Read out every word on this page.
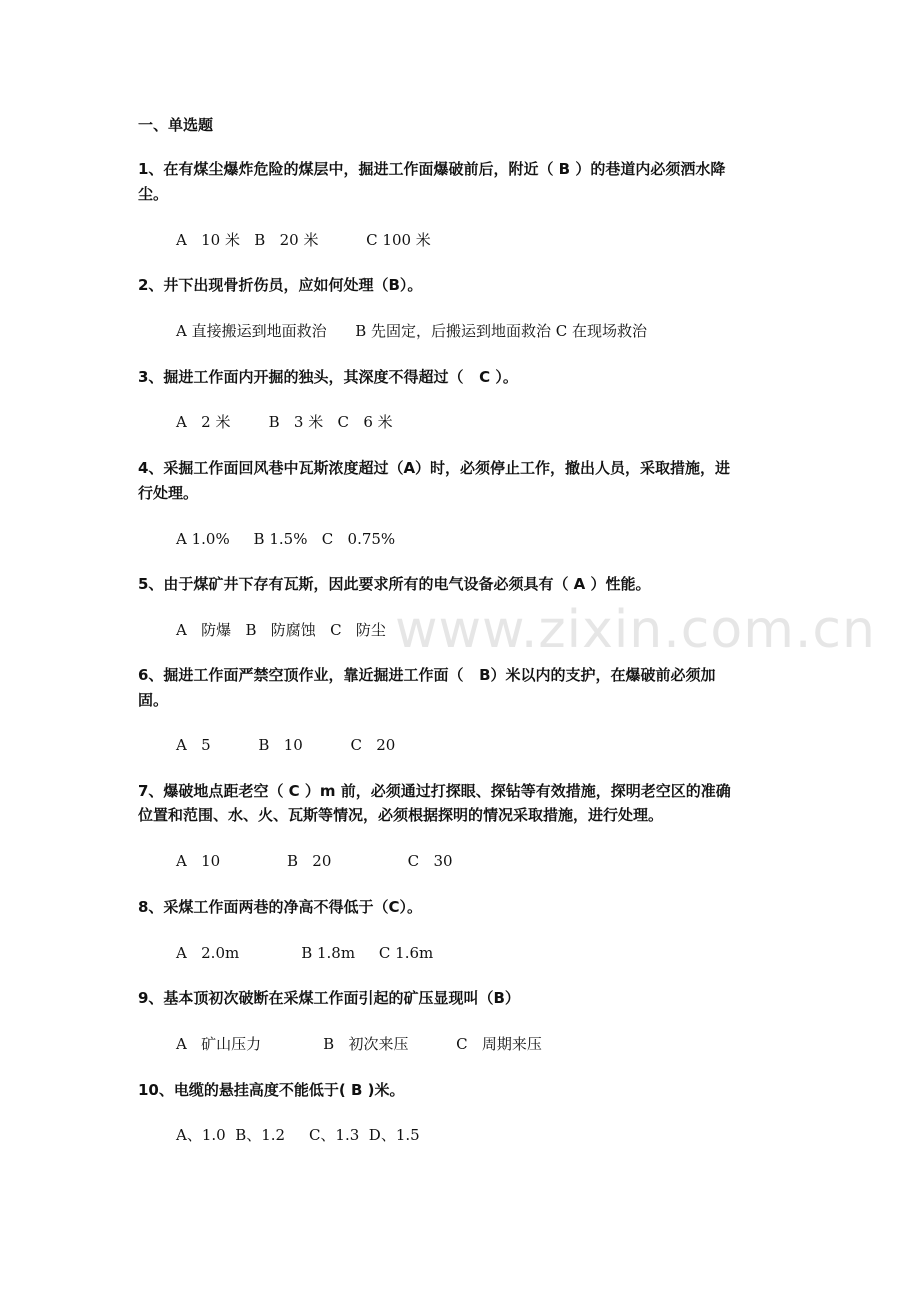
www.zixin.com.cn
一、单选题
1、在有煤尘爆炸危险的煤层中，掘进工作面爆破前后，附近（ B ）的巷道内必须洒水降
尘。
A   10 米   B   20 米          C 100 米
2、井下出现骨折伤员，应如何处理（B）。
A 直接搬运到地面救治      B 先固定，后搬运到地面救治 C 在现场救治
3、掘进工作面内开掘的独头，其深度不得超过（   C ）。
A   2 米        B   3 米   C   6 米
4、采掘工作面回风巷中瓦斯浓度超过（A）时，必须停止工作，撤出人员，采取措施，进
行处理。
A 1.0%     B 1.5%   C   0.75%
5、由于煤矿井下存有瓦斯，因此要求所有的电气设备必须具有（ A ）性能。
A   防爆   B   防腐蚀   C   防尘
6、掘进工作面严禁空顶作业，靠近掘进工作面（   B）米以内的支护，在爆破前必须加
固。
A   5          B   10          C   20
7、爆破地点距老空（ C ）m 前，必须通过打探眼、探钻等有效措施，探明老空区的准确
位置和范围、水、火、瓦斯等情况，必须根据探明的情况采取措施，进行处理。
A   10              B   20                C   30
8、采煤工作面两巷的净高不得低于（C）。
A   2.0m             B 1.8m     C 1.6m
9、基本顶初次破断在采煤工作面引起的矿压显现叫（B）
A   矿山压力             B   初次来压          C   周期来压
10、电缆的悬挂高度不能低于( B )米。
A、1.0  B、1.2     C、1.3  D、1.5
